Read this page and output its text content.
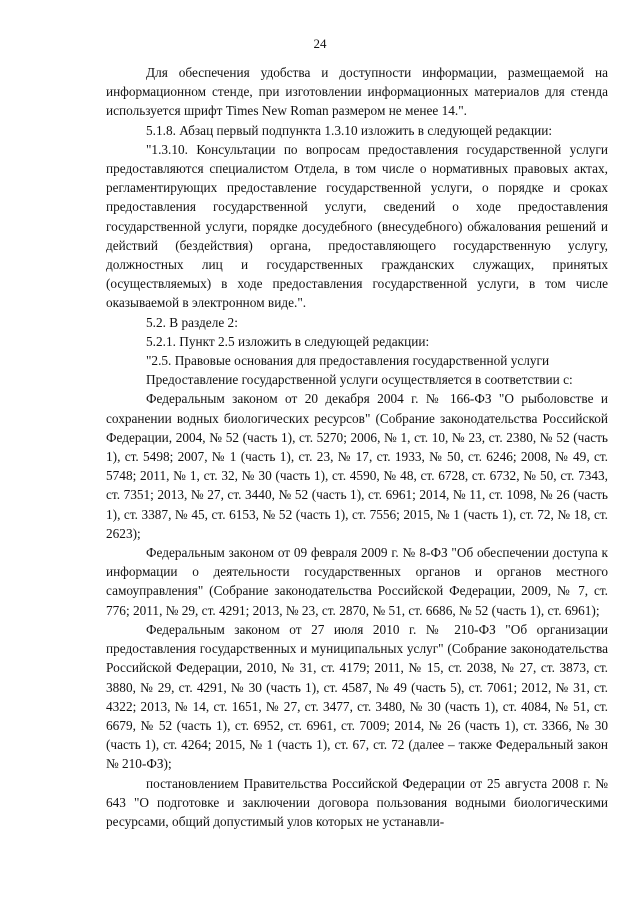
24

Для обеспечения удобства и доступности информации, размещаемой на информационном стенде, при изготовлении информационных материалов для стенда используется шрифт Times New Roman размером не менее 14.".

5.1.8. Абзац первый подпункта 1.3.10 изложить в следующей редакции:

"1.3.10. Консультации по вопросам предоставления государственной услуги предоставляются специалистом Отдела, в том числе о нормативных правовых актах, регламентирующих предоставление государственной услуги, о порядке и сроках предоставления государственной услуги, сведений о ходе предоставления государственной услуги, порядке досудебного (внесудебного) обжалования решений и действий (бездействия) органа, предоставляющего государственную услугу, должностных лиц и государственных гражданских служащих, принятых (осуществляемых) в ходе предоставления государственной услуги, в том числе оказываемой в электронном виде.".

5.2. В разделе 2:

5.2.1. Пункт 2.5 изложить в следующей редакции:

"2.5. Правовые основания для предоставления государственной услуги

Предоставление государственной услуги осуществляется в соответствии с:

Федеральным законом от 20 декабря 2004 г. № 166-ФЗ "О рыболовстве и сохранении водных биологических ресурсов" (Собрание законодательства Российской Федерации, 2004, № 52 (часть 1), ст. 5270; 2006, № 1, ст. 10, № 23, ст. 2380, № 52 (часть 1), ст. 5498; 2007, № 1 (часть 1), ст. 23, № 17, ст. 1933, № 50, ст. 6246; 2008, № 49, ст. 5748; 2011, № 1, ст. 32, № 30 (часть 1), ст. 4590, № 48, ст. 6728, ст. 6732, № 50, ст. 7343, ст. 7351; 2013, № 27, ст. 3440, № 52 (часть 1), ст. 6961; 2014, № 11, ст. 1098, № 26 (часть 1), ст. 3387, № 45, ст. 6153, № 52 (часть 1), ст. 7556; 2015, № 1 (часть 1), ст. 72, № 18, ст. 2623);

Федеральным законом от 09 февраля 2009 г. № 8-ФЗ "Об обеспечении доступа к информации о деятельности государственных органов и органов местного самоуправления" (Собрание законодательства Российской Федерации, 2009, № 7, ст. 776; 2011, № 29, ст. 4291; 2013, № 23, ст. 2870, № 51, ст. 6686, № 52 (часть 1), ст. 6961);

Федеральным законом от 27 июля 2010 г. № 210-ФЗ "Об организации предоставления государственных и муниципальных услуг" (Собрание законодательства Российской Федерации, 2010, № 31, ст. 4179; 2011, № 15, ст. 2038, № 27, ст. 3873, ст. 3880, № 29, ст. 4291, № 30 (часть 1), ст. 4587, № 49 (часть 5), ст. 7061; 2012, № 31, ст. 4322; 2013, № 14, ст. 1651, № 27, ст. 3477, ст. 3480, № 30 (часть 1), ст. 4084, № 51, ст. 6679, № 52 (часть 1), ст. 6952, ст. 6961, ст. 7009; 2014, № 26 (часть 1), ст. 3366, № 30 (часть 1), ст. 4264; 2015, № 1 (часть 1), ст. 67, ст. 72 (далее – также Федеральный закон № 210-ФЗ);

постановлением Правительства Российской Федерации от 25 августа 2008 г. № 643 "О подготовке и заключении договора пользования водными биологическими ресурсами, общий допустимый улов которых не устанавли-
